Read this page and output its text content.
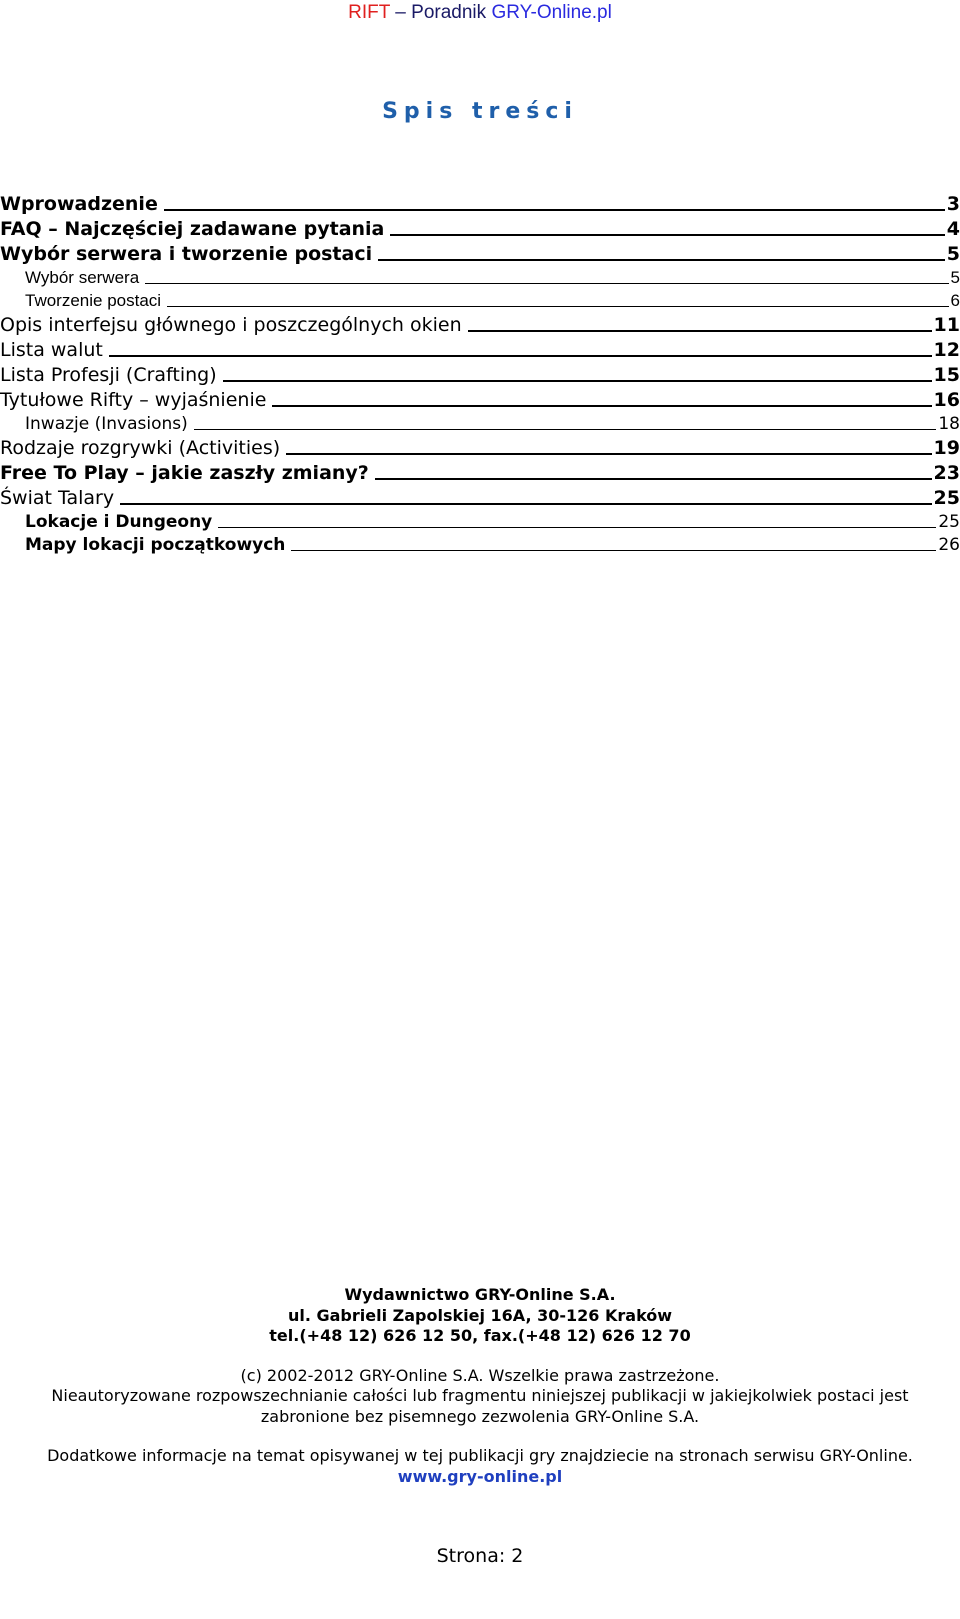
RIFT – Poradnik GRY-Online.pl
Spis treści
Wprowadzenie	3
FAQ – Najczęściej zadawane pytania	4
Wybór serwera i tworzenie postaci	5
Wybór serwera	5
Tworzenie postaci	6
Opis interfejsu głównego i poszczególnych okien	11
Lista walut	12
Lista Profesji (Crafting)	15
Tytułowe Rifty – wyjaśnienie	16
Inwazje (Invasions)	18
Rodzaje rozgrywki (Activities)	19
Free To Play – jakie zaszły zmiany?	23
Świat Talary	25
Lokacje i Dungeony	25
Mapy lokacji początkowych	26
Wydawnictwo GRY-Online S.A.
ul. Gabrieli Zapolskiej 16A, 30-126 Kraków
tel.(+48 12) 626 12 50, fax.(+48 12) 626 12 70
(c) 2002-2012 GRY-Online S.A. Wszelkie prawa zastrzeżone.
Nieautoryzowane rozpowszechnianie całości lub fragmentu niniejszej publikacji w jakiejkolwiek postaci jest
zabronione bez pisemnego zezwolenia GRY-Online S.A.
Dodatkowe informacje na temat opisywanej w tej publikacji gry znajdziecie na stronach serwisu GRY-Online.
www.gry-online.pl
Strona: 2
